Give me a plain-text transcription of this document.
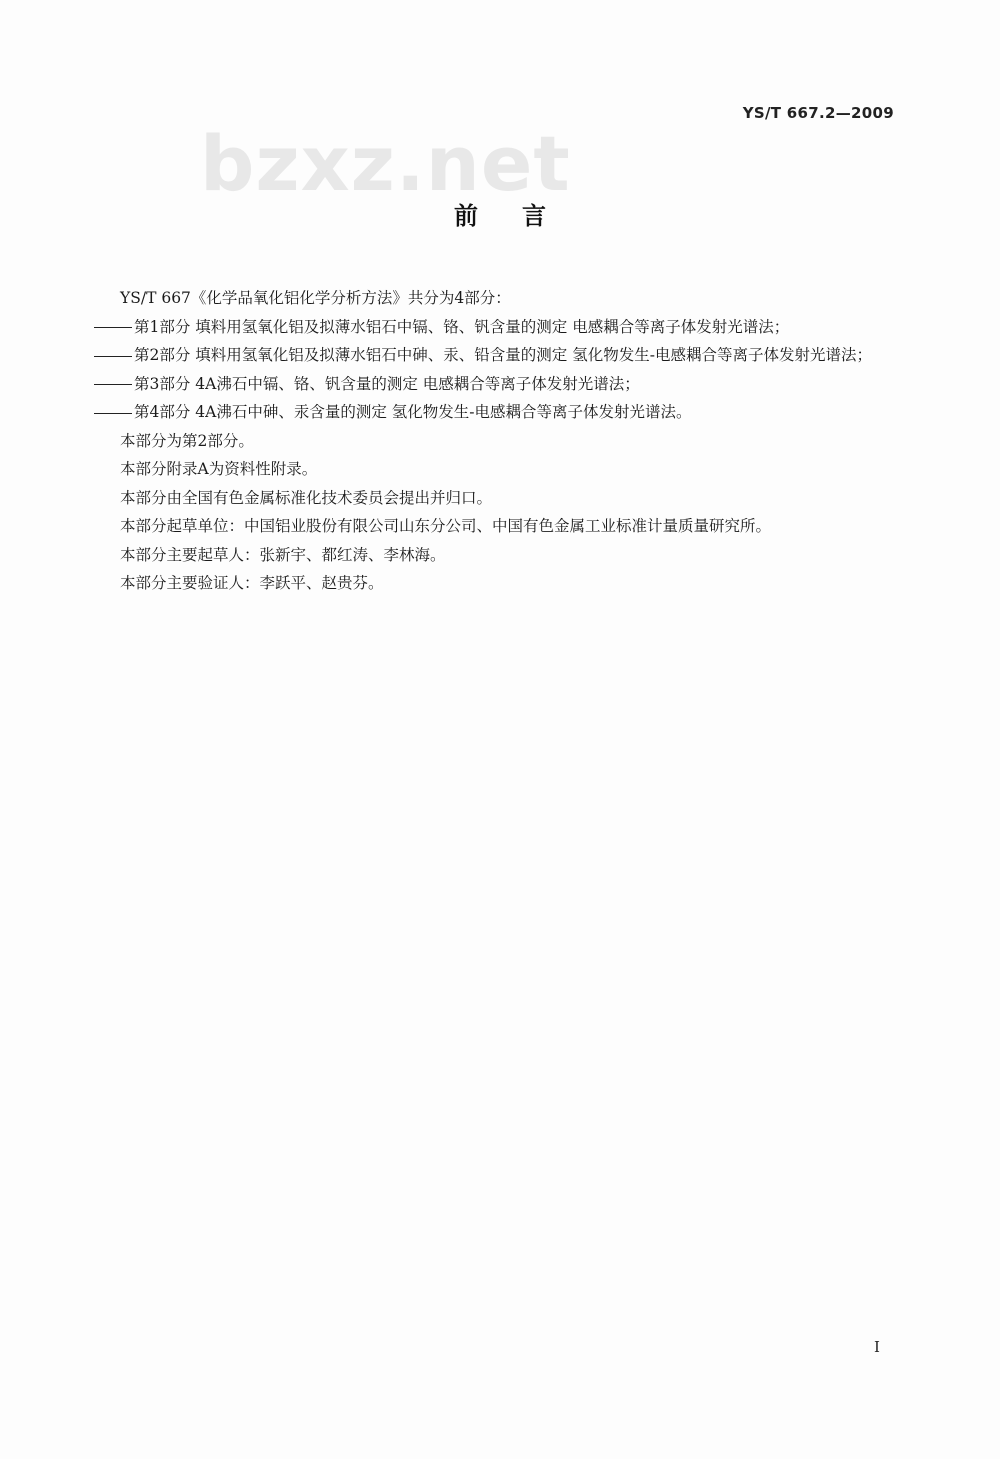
YS/T 667.2—2009
bzxz.net
前言

YS/T 667《化学品氧化铝化学分析方法》共分为4部分：

第1部分 填料用氢氧化铝及拟薄水铝石中镉、铬、钒含量的测定 电感耦合等离子体发射光谱法；

第2部分 填料用氢氧化铝及拟薄水铝石中砷、汞、铅含量的测定 氢化物发生-电感耦合等离子体发射光谱法；

第3部分 4A沸石中镉、铬、钒含量的测定 电感耦合等离子体发射光谱法；

第4部分 4A沸石中砷、汞含量的测定 氢化物发生-电感耦合等离子体发射光谱法。

本部分为第2部分。

本部分附录A为资料性附录。

本部分由全国有色金属标准化技术委员会提出并归口。

本部分起草单位：中国铝业股份有限公司山东分公司、中国有色金属工业标准计量质量研究所。

本部分主要起草人：张新宇、都红涛、李林海。

本部分主要验证人：李跃平、赵贵芬。

I
